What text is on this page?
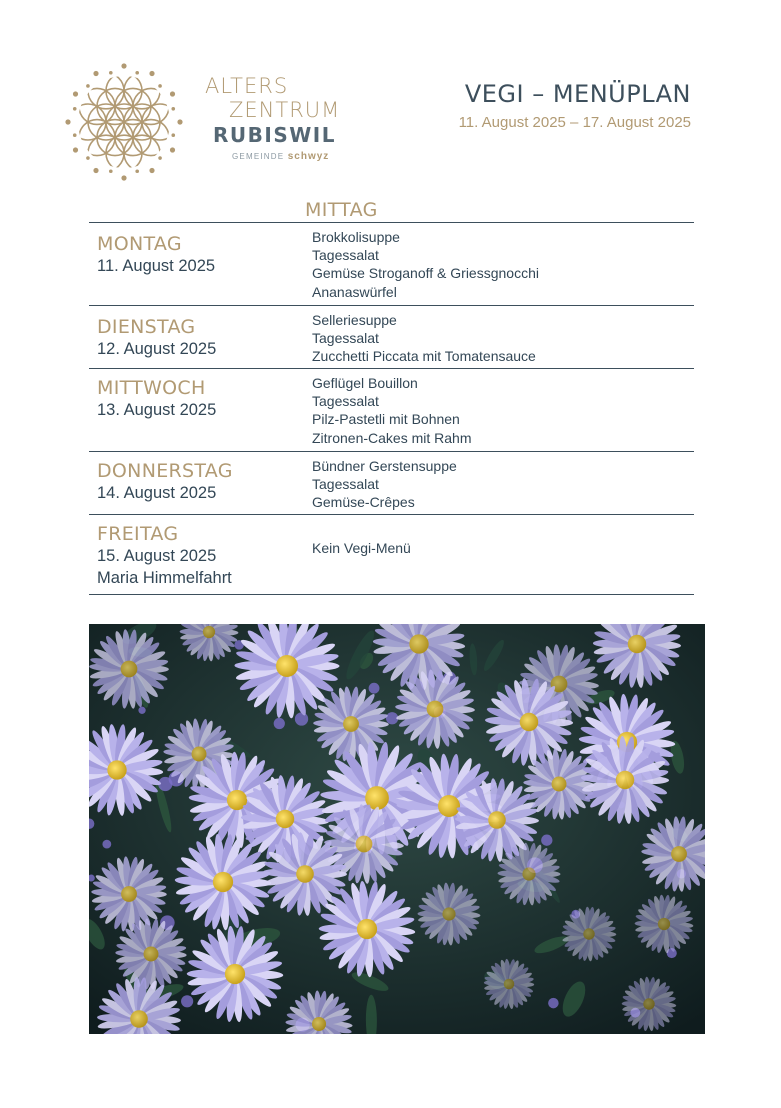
ALTERS
ZENTRUM
RUBISWIL
GEMEINDE schwyz
VEGI – MENÜPLAN
11. August 2025 – 17. August 2025
MITTAG
MONTAG
11. August 2025
Brokkolisuppe
Tagessalat
Gemüse Stroganoff & Griessgnocchi
Ananaswürfel
DIENSTAG
12. August 2025
Selleriesuppe
Tagessalat
Zucchetti Piccata mit Tomatensauce
MITTWOCH
13. August 2025
Geflügel Bouillon
Tagessalat
Pilz-Pastetli mit Bohnen
Zitronen-Cakes mit Rahm
DONNERSTAG
14. August 2025
Bündner Gerstensuppe
Tagessalat
Gemüse-Crêpes
FREITAG
15. August 2025
Maria Himmelfahrt
Kein Vegi-Menü
